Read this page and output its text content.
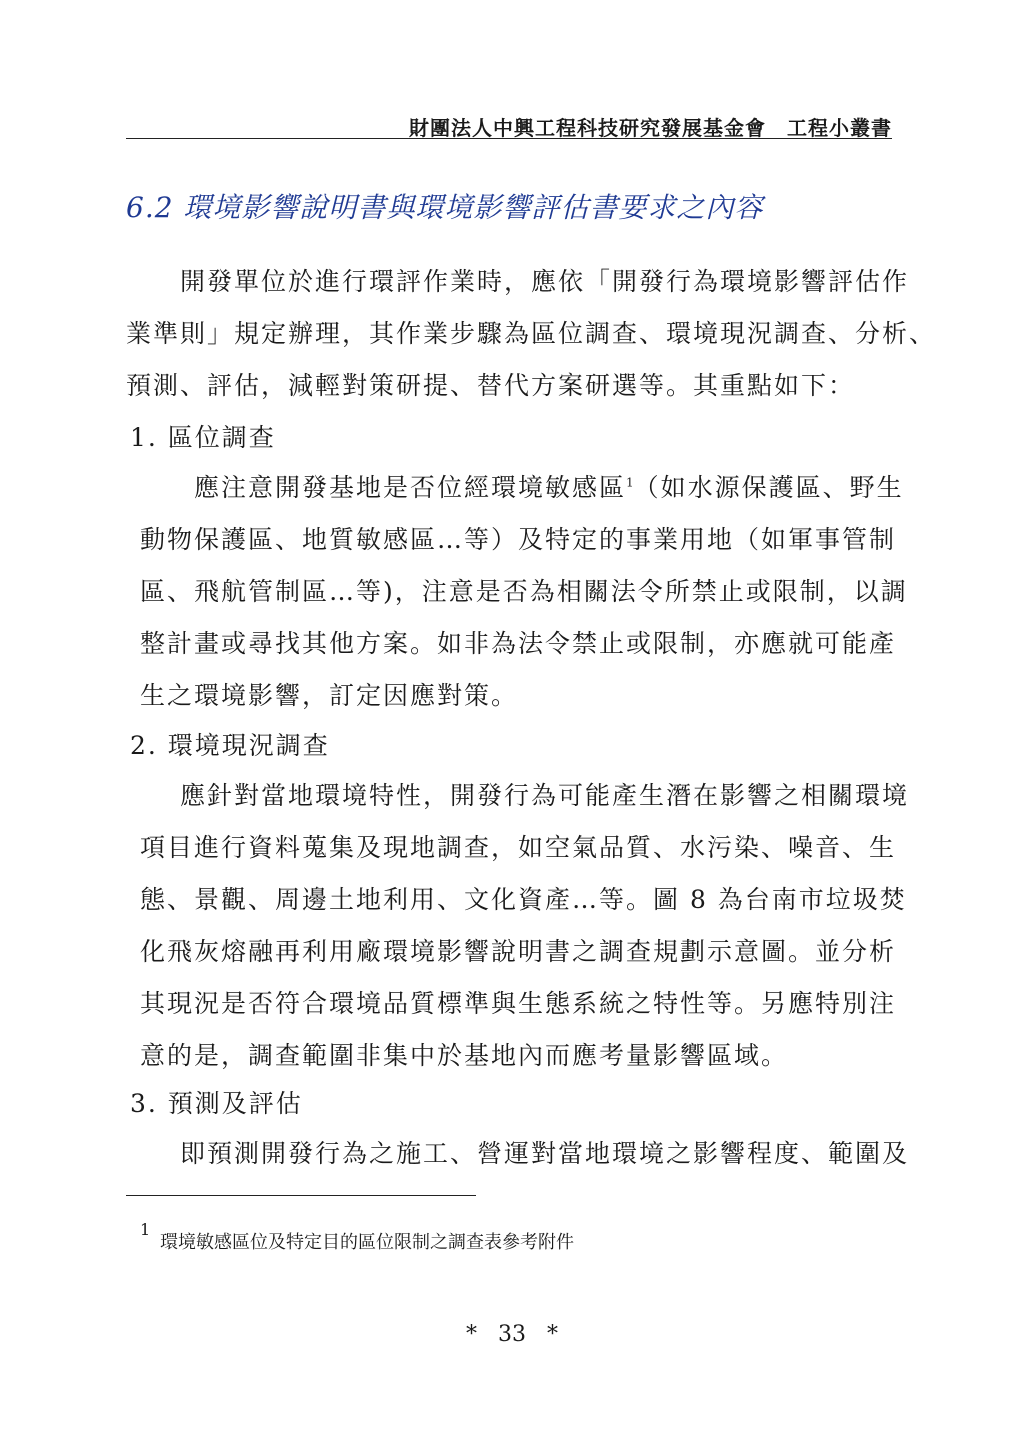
財團法人中興工程科技研究發展基金會　工程小叢書
6.2 環境影響說明書與環境影響評估書要求之內容
開發單位於進行環評作業時，應依「開發行為環境影響評估作
業準則」規定辦理，其作業步驟為區位調查、環境現況調查、分析、
預測、評估，減輕對策研提、替代方案研選等。其重點如下：
1. 區位調查
應注意開發基地是否位經環境敏感區$^1$（如水源保護區、野生
動物保護區、地質敏感區…等）及特定的事業用地（如軍事管制
區、飛航管制區…等)，注意是否為相關法令所禁止或限制，以調
整計畫或尋找其他方案。如非為法令禁止或限制，亦應就可能產
生之環境影響，訂定因應對策。
2. 環境現況調查
應針對當地環境特性，開發行為可能產生潛在影響之相關環境
項目進行資料蒐集及現地調查，如空氣品質、水污染、噪音、生
態、景觀、周邊土地利用、文化資產…等。圖 8 為台南市垃圾焚
化飛灰熔融再利用廠環境影響說明書之調查規劃示意圖。並分析
其現況是否符合環境品質標準與生態系統之特性等。另應特別注
意的是，調查範圍非集中於基地內而應考量影響區域。
3. 預測及評估
即預測開發行為之施工、營運對當地環境之影響程度、範圍及
1
環境敏感區位及特定目的區位限制之調查表參考附件
* 33 *
